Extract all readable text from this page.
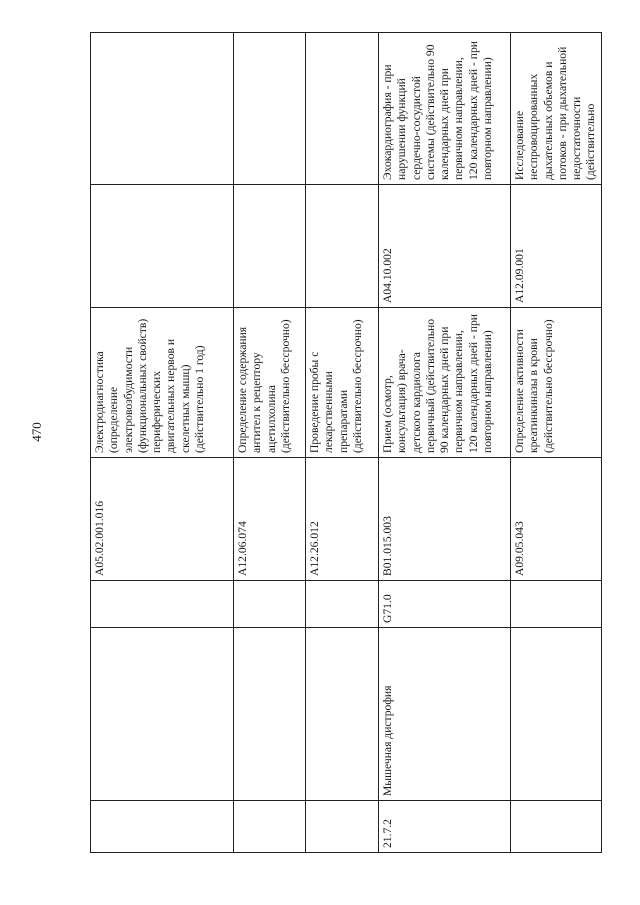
470
			A05.02.001.016	Электродиагностика (определение электровозбудимости (функциональных свойств) периферических двигательных нервов и скелетных мышц) (действительно 1 год)		
			A12.06.074	Определение содержания антител к рецептору ацетилхолина (действительно бессрочно)		
			A12.26.012	Проведение пробы с лекарственными препаратами (действительно бессрочно)		
21.7.2	Мышечная дистрофия	G71.0	B01.015.003	Прием (осмотр, консультация) врача-детского кардиолога первичный (действительно 90 календарных дней при первичном направлении, 120 календарных дней - при повторном направлении)	A04.10.002	Эхокардиография - при нарушении функций сердечно-сосудистой системы (действительно 90 календарных дней при первичном направлении, 120 календарных дней - при повторном направлении)
			A09.05.043	Определение активности креатинкиназы в крови (действительно бессрочно)	A12.09.001	Исследование неспровоцированных дыхательных объемов и потоков - при дыхательной недостаточности (действительно
